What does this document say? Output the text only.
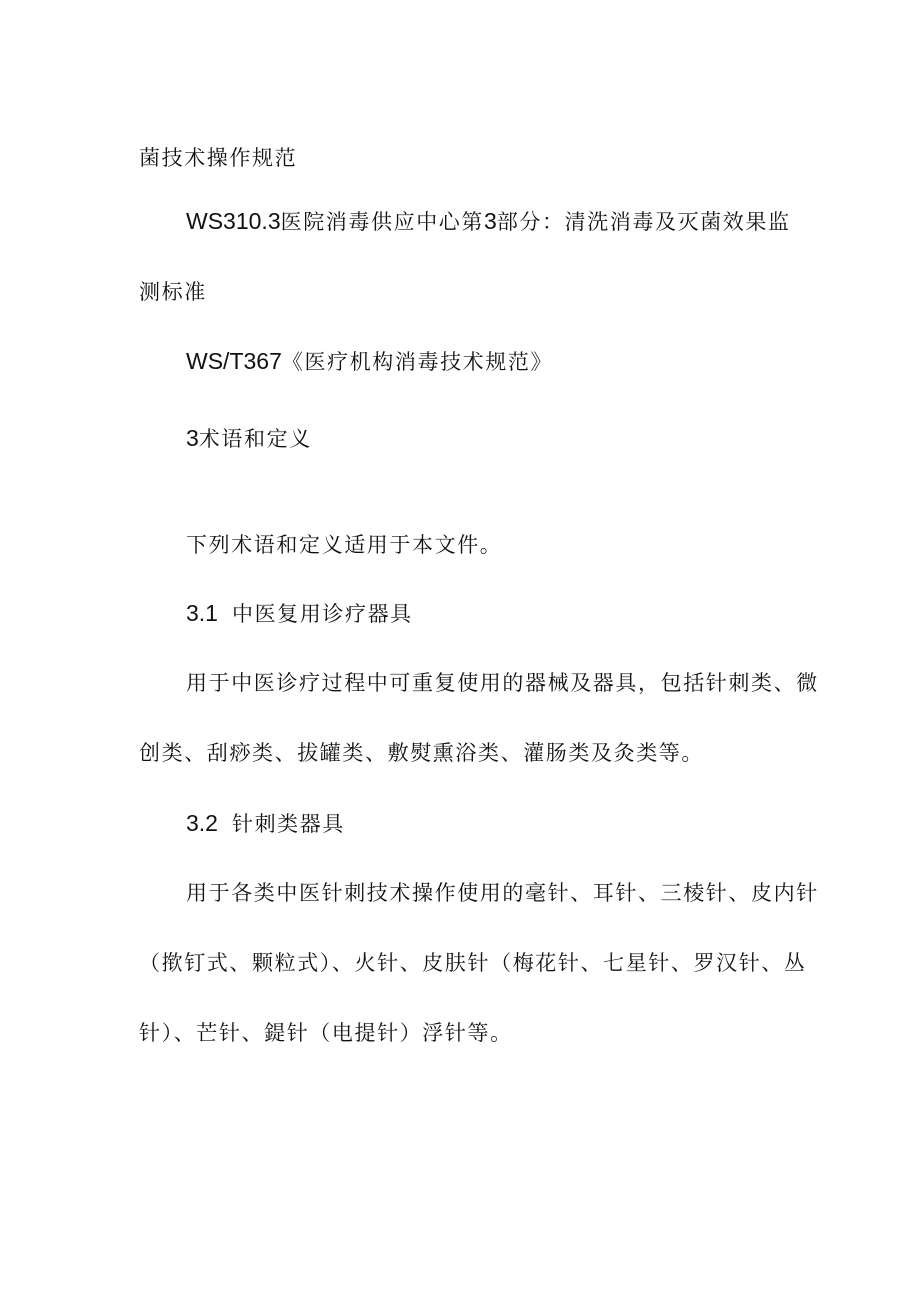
菌技术操作规范
WS310.3医院消毒供应中心第3部分：清洗消毒及灭菌效果监
测标准
WS/T367《医疗机构消毒技术规范》
3术语和定义
下列术语和定义适用于本文件。
3.1 中医复用诊疗器具
用于中医诊疗过程中可重复使用的器械及器具，包括针刺类、微
创类、刮痧类、拔罐类、敷熨熏浴类、灌肠类及灸类等。
3.2 针刺类器具
用于各类中医针刺技术操作使用的毫针、耳针、三棱针、皮内针
（揿钉式、颗粒式）、火针、皮肤针（梅花针、七星针、罗汉针、丛
针）、芒针、鍉针（电提针）浮针等。
